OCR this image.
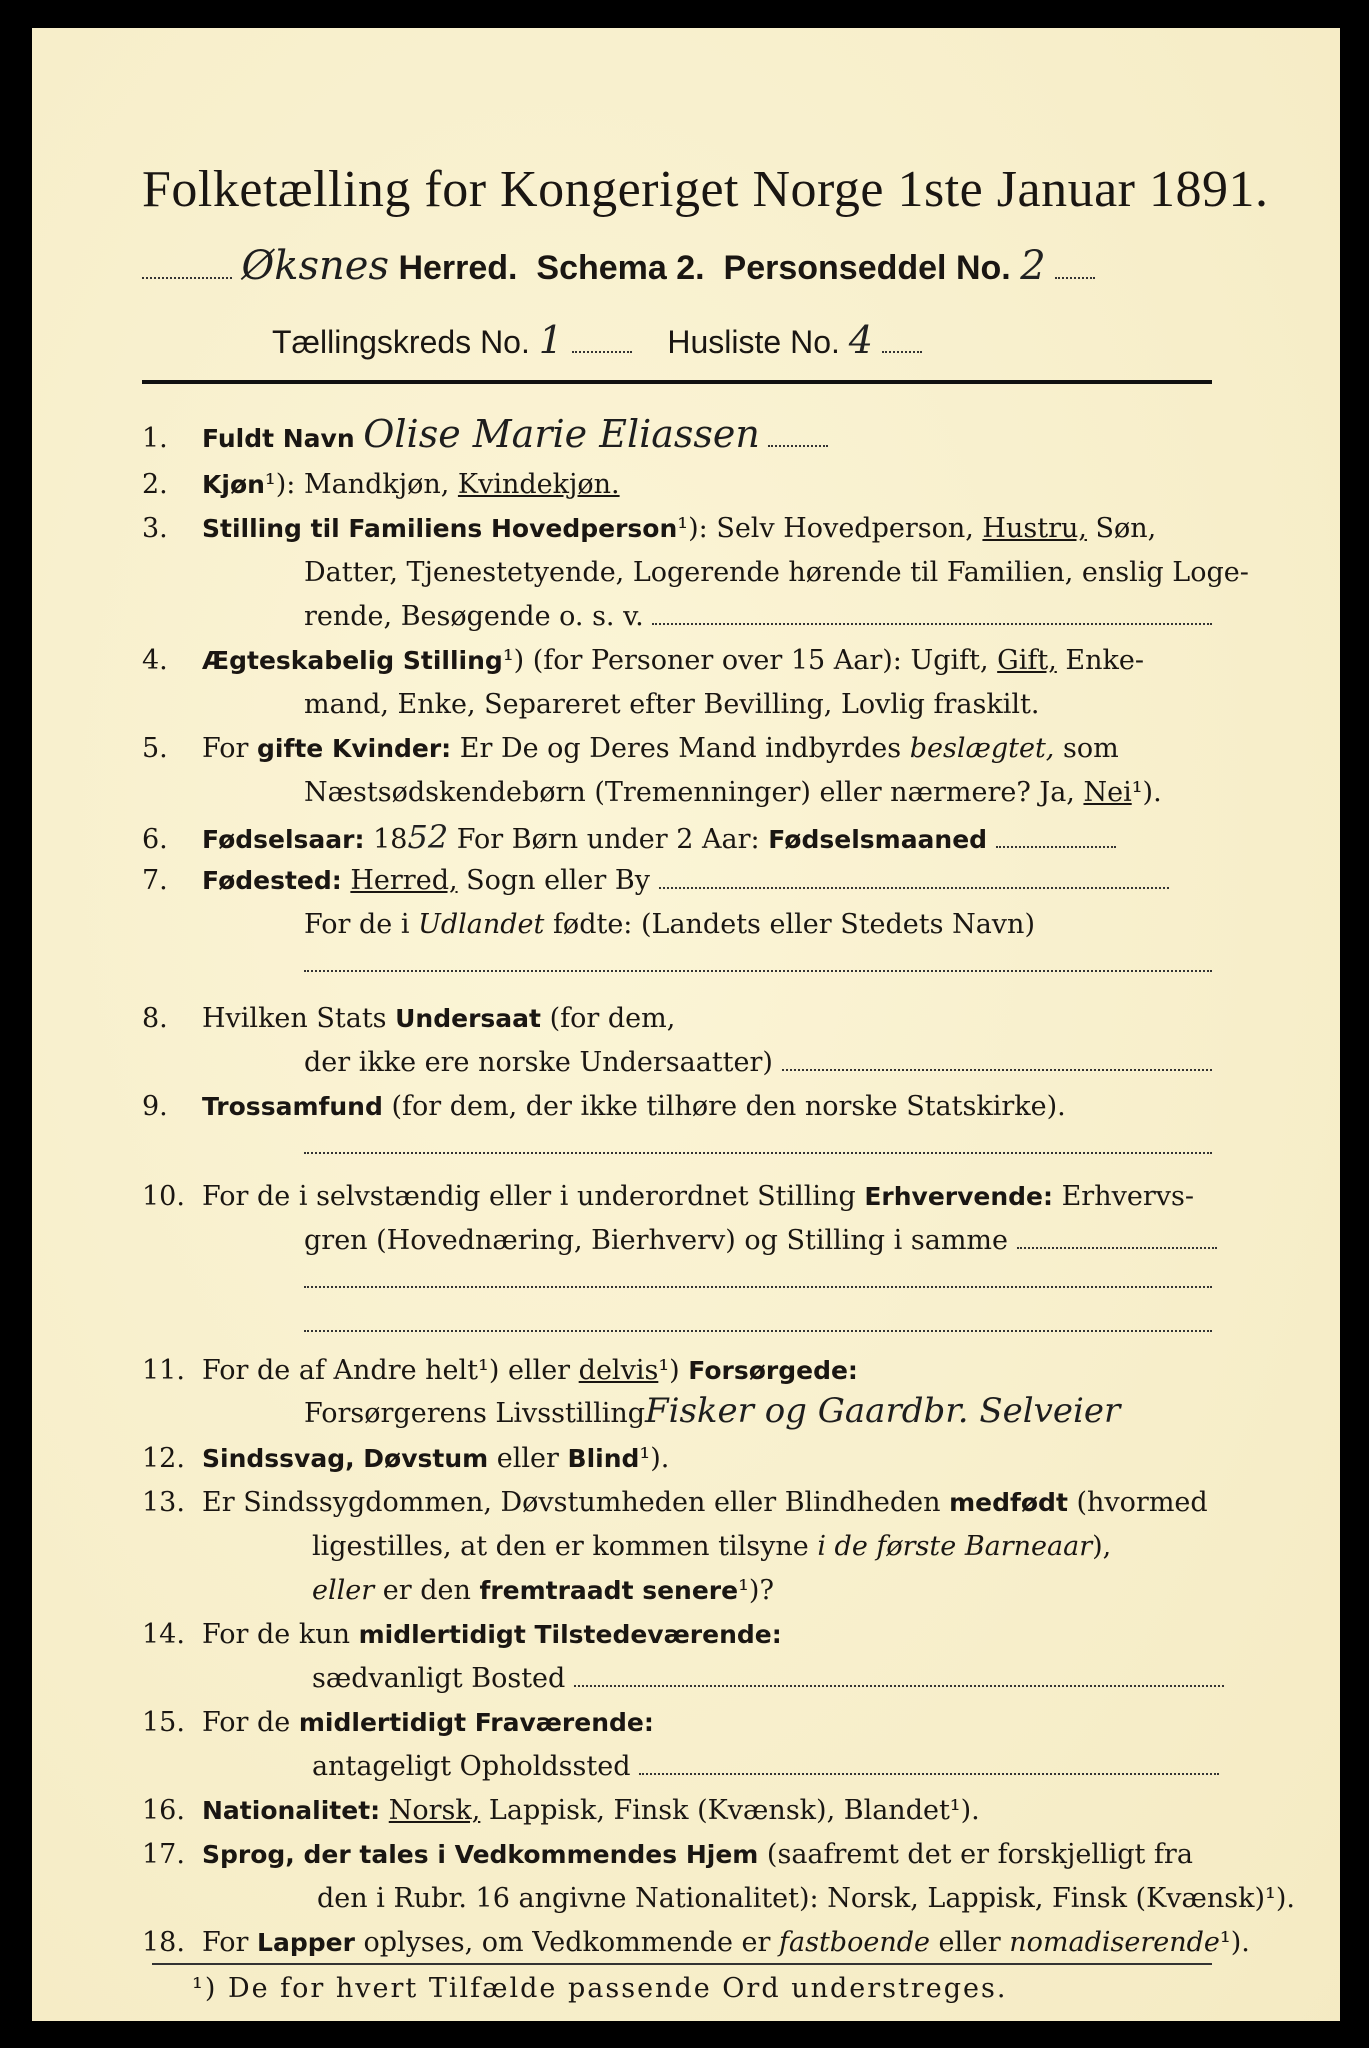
Folketælling for Kongeriget Norge 1ste Januar 1891.
Øksnes Herred. Schema 2. Personseddel No. 2
Tællingskreds No. 1	Husliste No. 4
1. Fuldt Navn Olise Marie Eliassen
2. Kjøn¹): Mandkjøn, Kvindekjøn.
3. Stilling til Familiens Hovedperson¹): Selv Hovedperson, Hustru, Søn,
Datter, Tjenestetyende, Logerende hørende til Familien, enslig Loge-
rende, Besøgende o. s. v.
4. Ægteskabelig Stilling¹) (for Personer over 15 Aar): Ugift, Gift, Enke-
mand, Enke, Separeret efter Bevilling, Lovlig fraskilt.
5. For gifte Kvinder: Er De og Deres Mand indbyrdes beslægtet, som
Næstsødskendebørn (Tremenninger) eller nærmere? Ja, Nei¹).
6. Fødselsaar: 1852 For Børn under 2 Aar: Fødselsmaaned
7. Fødested: Herred, Sogn eller By
For de i Udlandet fødte: (Landets eller Stedets Navn)
8. Hvilken Stats Undersaat (for dem,
der ikke ere norske Undersaatter)
9. Trossamfund (for dem, der ikke tilhøre den norske Statskirke).
10. For de i selvstændig eller i underordnet Stilling Erhvervende: Erhvervs-
gren (Hovednæring, Bierhverv) og Stilling i samme
11. For de af Andre helt¹) eller delvis¹) Forsørgede:
Forsørgerens LivsstillingFisker og Gaardbr. Selveier
12. Sindssvag, Døvstum eller Blind¹).
13. Er Sindssygdommen, Døvstumheden eller Blindheden medfødt (hvormed
ligestilles, at den er kommen tilsyne i de første Barneaar),
eller er den fremtraadt senere¹)?
14. For de kun midlertidigt Tilstedeværende:
sædvanligt Bosted
15. For de midlertidigt Fraværende:
antageligt Opholdssted
16. Nationalitet: Norsk, Lappisk, Finsk (Kvænsk), Blandet¹).
17. Sprog, der tales i Vedkommendes Hjem (saafremt det er forskjelligt fra
den i Rubr. 16 angivne Nationalitet): Norsk, Lappisk, Finsk (Kvænsk)¹).
18. For Lapper oplyses, om Vedkommende er fastboende eller nomadiserende¹).
¹) De for hvert Tilfælde passende Ord understreges.
